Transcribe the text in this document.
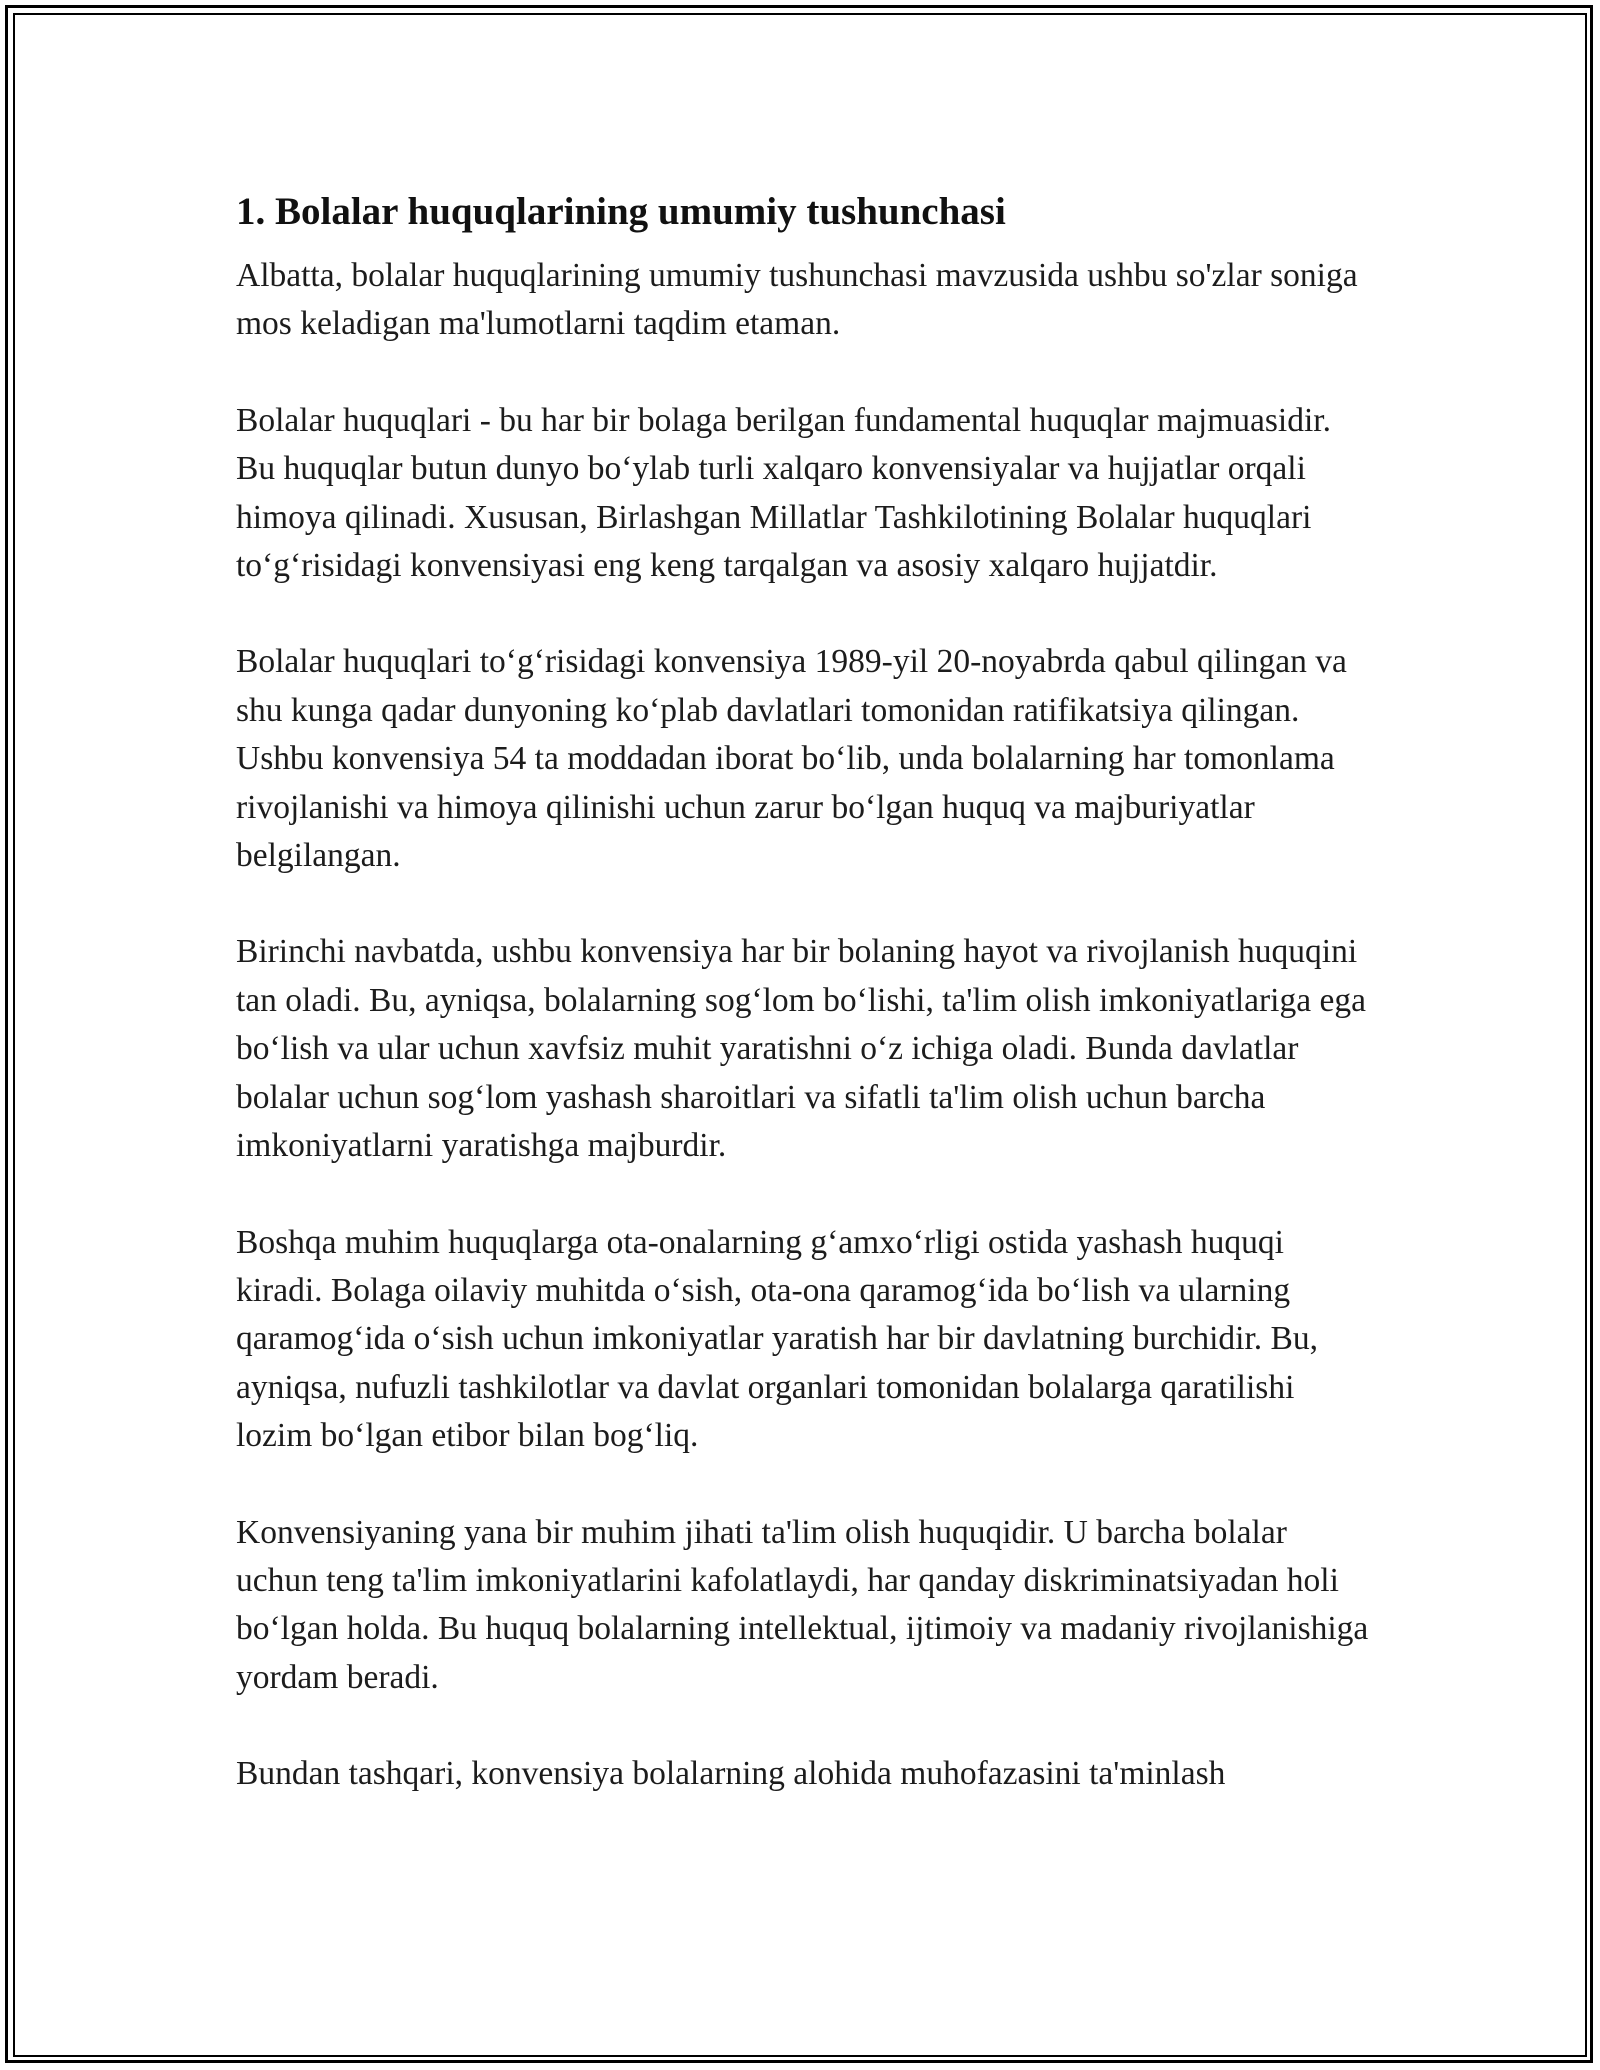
1. Bolalar huquqlarining umumiy tushunchasi

Albatta, bolalar huquqlarining umumiy tushunchasi mavzusida ushbu so'zlar soniga mos keladigan ma'lumotlarni taqdim etaman.

Bolalar huquqlari - bu har bir bolaga berilgan fundamental huquqlar majmuasidir. Bu huquqlar butun dunyo boʻylab turli xalqaro konvensiyalar va hujjatlar orqali himoya qilinadi. Xususan, Birlashgan Millatlar Tashkilotining Bolalar huquqlari toʻgʻrisidagi konvensiyasi eng keng tarqalgan va asosiy xalqaro hujjatdir.

Bolalar huquqlari toʻgʻrisidagi konvensiya 1989-yil 20-noyabrda qabul qilingan va shu kunga qadar dunyoning koʻplab davlatlari tomonidan ratifikatsiya qilingan. Ushbu konvensiya 54 ta moddadan iborat boʻlib, unda bolalarning har tomonlama rivojlanishi va himoya qilinishi uchun zarur boʻlgan huquq va majburiyatlar belgilangan.

Birinchi navbatda, ushbu konvensiya har bir bolaning hayot va rivojlanish huquqini tan oladi. Bu, ayniqsa, bolalarning sogʻlom boʻlishi, ta'lim olish imkoniyatlariga ega boʻlish va ular uchun xavfsiz muhit yaratishni oʻz ichiga oladi. Bunda davlatlar bolalar uchun sogʻlom yashash sharoitlari va sifatli ta'lim olish uchun barcha imkoniyatlarni yaratishga majburdir.

Boshqa muhim huquqlarga ota-onalarning gʻamxoʻrligi ostida yashash huquqi kiradi. Bolaga oilaviy muhitda oʻsish, ota-ona qaramogʻida boʻlish va ularning qaramogʻida oʻsish uchun imkoniyatlar yaratish har bir davlatning burchidir. Bu, ayniqsa, nufuzli tashkilotlar va davlat organlari tomonidan bolalarga qaratilishi lozim boʻlgan etibor bilan bogʻliq.

Konvensiyaning yana bir muhim jihati ta'lim olish huquqidir. U barcha bolalar uchun teng ta'lim imkoniyatlarini kafolatlaydi, har qanday diskriminatsiyadan holi boʻlgan holda. Bu huquq bolalarning intellektual, ijtimoiy va madaniy rivojlanishiga yordam beradi.

Bundan tashqari, konvensiya bolalarning alohida muhofazasini ta'minlash
